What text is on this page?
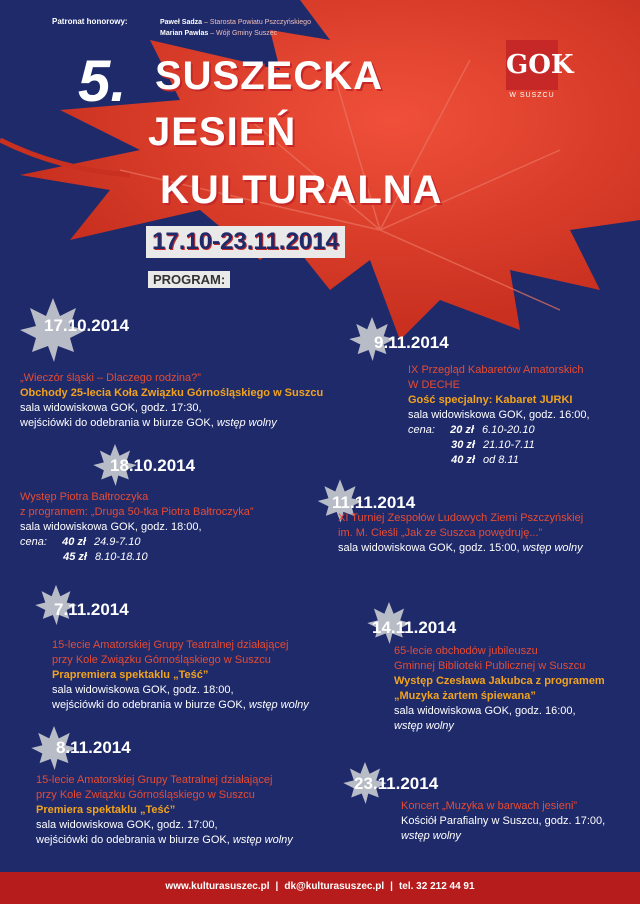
Patronat honorowy:	Paweł Sadza – Starosta Powiatu Pszczyńskiego
Marian Pawlas – Wójt Gminy Suszec
5. SUSZECKA
JESIEŃ
KULTURALNA
17.10-23.11.2014
PROGRAM:
GOK
W SUSZCU
17.10.2014
„Wieczór śląski – Dlaczego rodzina?”
Obchody 25-lecia Koła Związku Górnośląskiego w Suszcu
sala widowiskowa GOK, godz. 17:30,
wejściówki do odebrania w biurze GOK, wstęp wolny
18.10.2014
Występ Piotra Bałtroczyka
z programem: „Druga 50-tka Piotra Bałtroczyka”
sala widowiskowa GOK, godz. 18:00,
cena: 40 zł 24.9-7.10
45 zł 8.10-18.10
7.11.2014
15-lecie Amatorskiej Grupy Teatralnej działającej
przy Kole Związku Górnośląskiego w Suszcu
Prapremiera spektaklu „Teść”
sala widowiskowa GOK, godz. 18:00,
wejściówki do odebrania w biurze GOK, wstęp wolny
8.11.2014
15-lecie Amatorskiej Grupy Teatralnej działającej
przy Kole Związku Górnośląskiego w Suszcu
Premiera spektaklu „Teść”
sala widowiskowa GOK, godz. 17:00,
wejściówki do odebrania w biurze GOK, wstęp wolny
9.11.2014
IX Przegląd Kabaretów Amatorskich
W DECHE
Gość specjalny: Kabaret JURKI
sala widowiskowa GOK, godz. 16:00,
cena: 20 zł 6.10-20.10
30 zł 21.10-7.11
40 zł od 8.11
11.11.2014
XI Turniej Zespołów Ludowych Ziemi Pszczyńskiej
im. M. Cieśli „Jak ze Suszca powędruję...”
sala widowiskowa GOK, godz. 15:00, wstęp wolny
14.11.2014
65-lecie obchodów jubileuszu
Gminnej Biblioteki Publicznej w Suszcu
Występ Czesława Jakubca z programem
„Muzyka żartem śpiewana”
sala widowiskowa GOK, godz. 16:00,
wstęp wolny
23.11.2014
Koncert „Muzyka w barwach jesieni”
Kościół Parafialny w Suszcu, godz. 17:00,
wstęp wolny
www.kulturasuszec.pl | dk@kulturasuszec.pl | tel. 32 212 44 91
